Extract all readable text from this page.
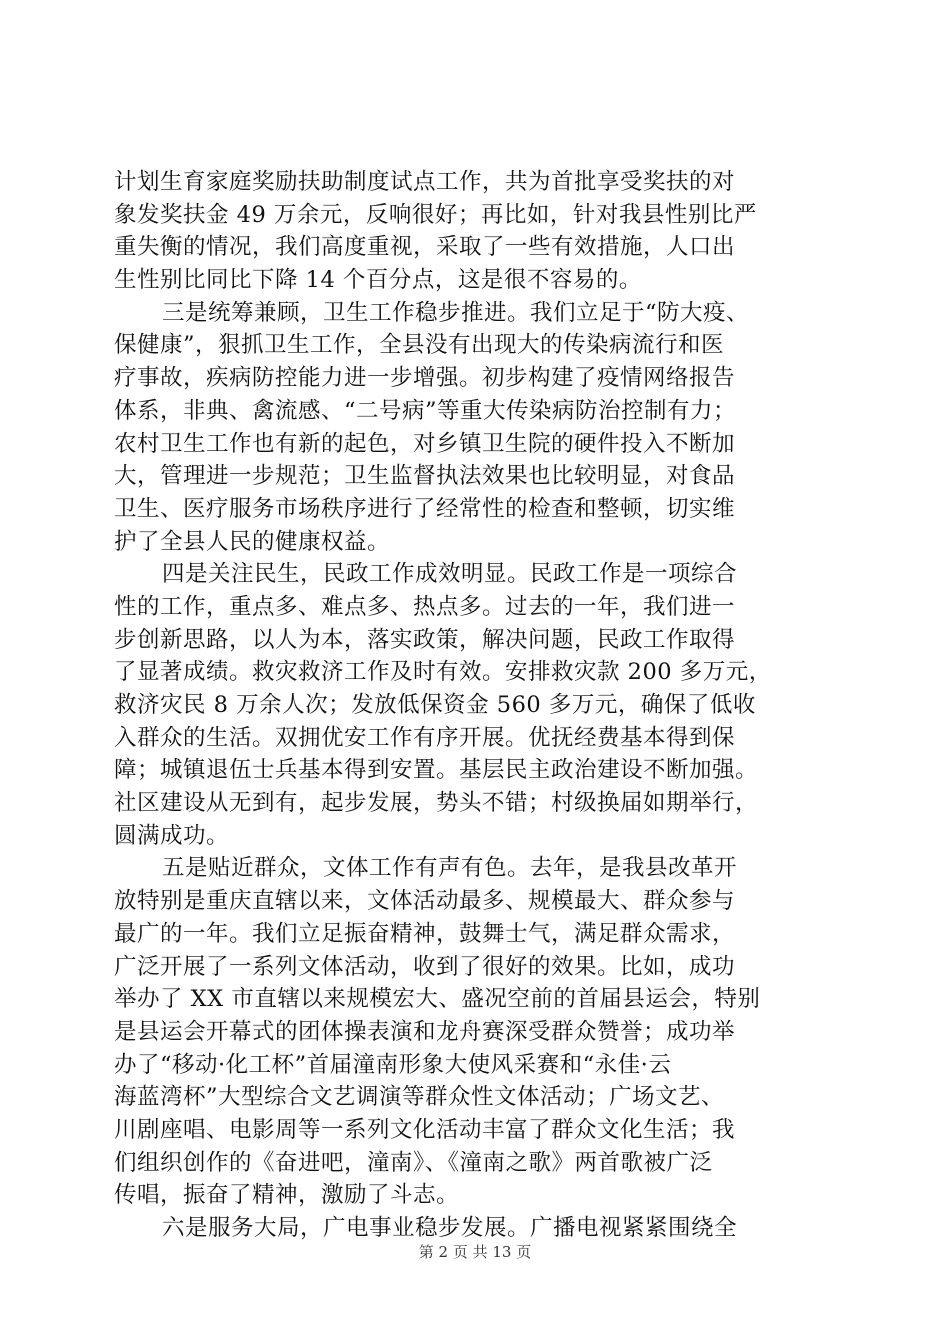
计划生育家庭奖励扶助制度试点工作，共为首批享受奖扶的对
象发奖扶金 49 万余元，反响很好；再比如，针对我县性别比严
重失衡的情况，我们高度重视，采取了一些有效措施，人口出
生性别比同比下降 14 个百分点，这是很不容易的。
三是统筹兼顾，卫生工作稳步推进。我们立足于“防大疫、
保健康”，狠抓卫生工作，全县没有出现大的传染病流行和医
疗事故，疾病防控能力进一步增强。初步构建了疫情网络报告
体系，非典、禽流感、“二号病”等重大传染病防治控制有力；
农村卫生工作也有新的起色，对乡镇卫生院的硬件投入不断加
大，管理进一步规范；卫生监督执法效果也比较明显，对食品
卫生、医疗服务市场秩序进行了经常性的检查和整顿，切实维
护了全县人民的健康权益。
四是关注民生，民政工作成效明显。民政工作是一项综合
性的工作，重点多、难点多、热点多。过去的一年，我们进一
步创新思路，以人为本，落实政策，解决问题，民政工作取得
了显著成绩。救灾救济工作及时有效。安排救灾款 200 多万元，
救济灾民 8 万余人次；发放低保资金 560 多万元，确保了低收
入群众的生活。双拥优安工作有序开展。优抚经费基本得到保
障；城镇退伍士兵基本得到安置。基层民主政治建设不断加强。
社区建设从无到有，起步发展，势头不错；村级换届如期举行，
圆满成功。
五是贴近群众，文体工作有声有色。去年，是我县改革开
放特别是重庆直辖以来，文体活动最多、规模最大、群众参与
最广的一年。我们立足振奋精神，鼓舞士气，满足群众需求，
广泛开展了一系列文体活动，收到了很好的效果。比如，成功
举办了 XX 市直辖以来规模宏大、盛况空前的首届县运会，特别
是县运会开幕式的团体操表演和龙舟赛深受群众赞誉；成功举
办了“移动·化工杯”首届潼南形象大使风采赛和“永佳·云
海蓝湾杯”大型综合文艺调演等群众性文体活动；广场文艺、
川剧座唱、电影周等一系列文化活动丰富了群众文化生活；我
们组织创作的《奋进吧，潼南》、《潼南之歌》两首歌被广泛
传唱，振奋了精神，激励了斗志。
六是服务大局，广电事业稳步发展。广播电视紧紧围绕全
第 2 页 共 13 页
